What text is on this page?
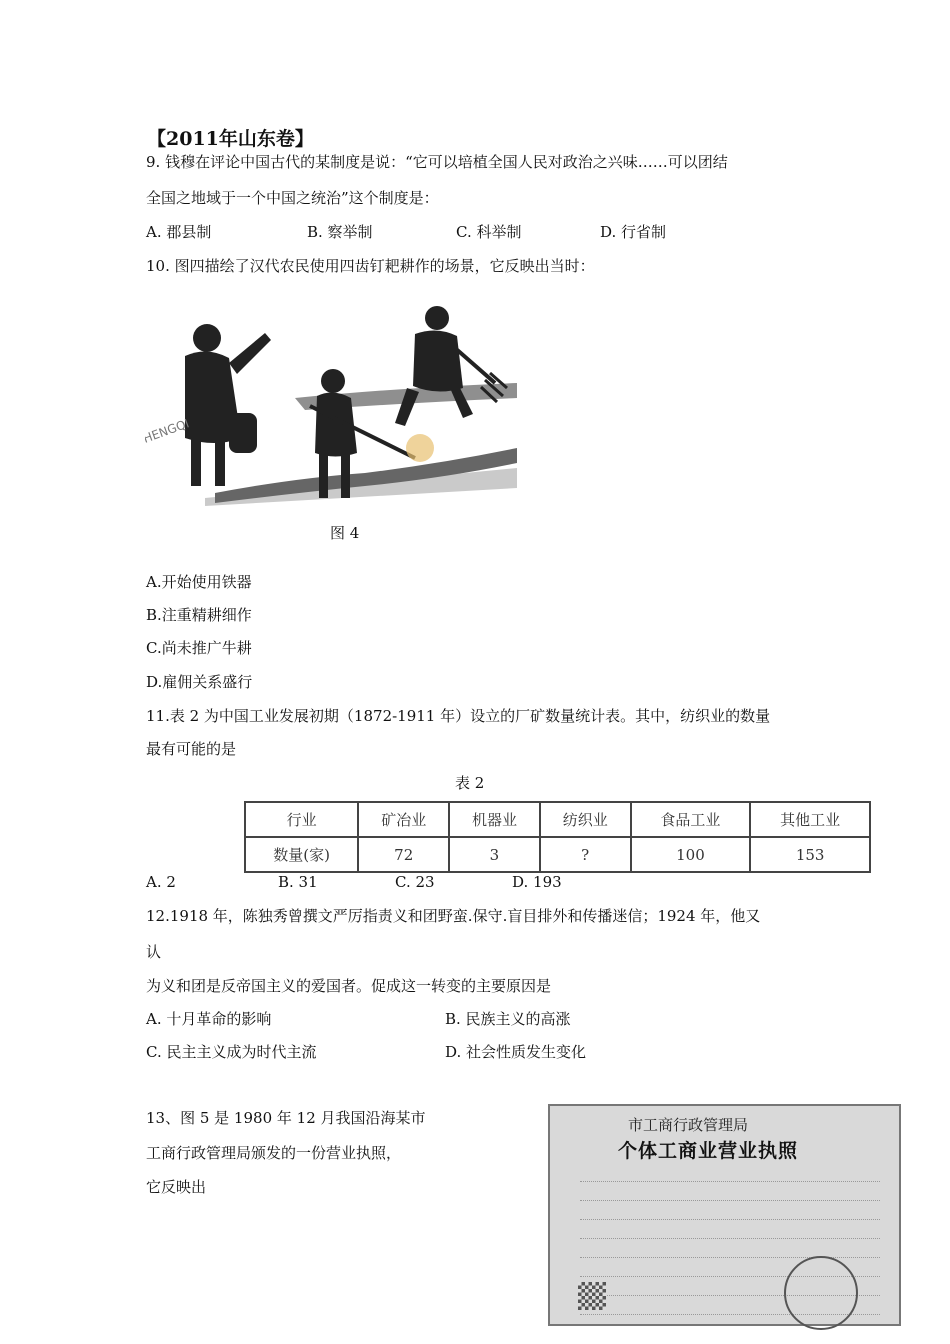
【2011年山东卷】
9. 钱穆在评论中国古代的某制度是说：“它可以培植全国人民对政治之兴味……可以团结
全国之地域于一个中国之统治”这个制度是：
A. 郡县制	B. 察举制	C. 科举制	D. 行省制
10. 图四描绘了汉代农民使用四齿钉耙耕作的场景，它反映出当时：
HENGQI
图 4
A.开始使用铁器
B.注重精耕细作
C.尚未推广牛耕
D.雇佣关系盛行
11.表 2 为中国工业发展初期（1872-1911 年）设立的厂矿数量统计表。其中，纺织业的数量
最有可能的是
表 2
行业	矿冶业	机器业	纺织业	食品工业	其他工业
数量(家)	72	3	?	100	153
A. 2	B. 31	C. 23	D. 193
12.1918 年，陈独秀曾撰文严厉指责义和团野蛮.保守.盲目排外和传播迷信；1924 年，他又
认
为义和团是反帝国主义的爱国者。促成这一转变的主要原因是
A. 十月革命的影响	B. 民族主义的高涨
C. 民主主义成为时代主流	D. 社会性质发生变化
13、图 5 是 1980 年 12 月我国沿海某市
工商行政管理局颁发的一份营业执照，
它反映出
市工商行政管理局
个体工商业营业执照
